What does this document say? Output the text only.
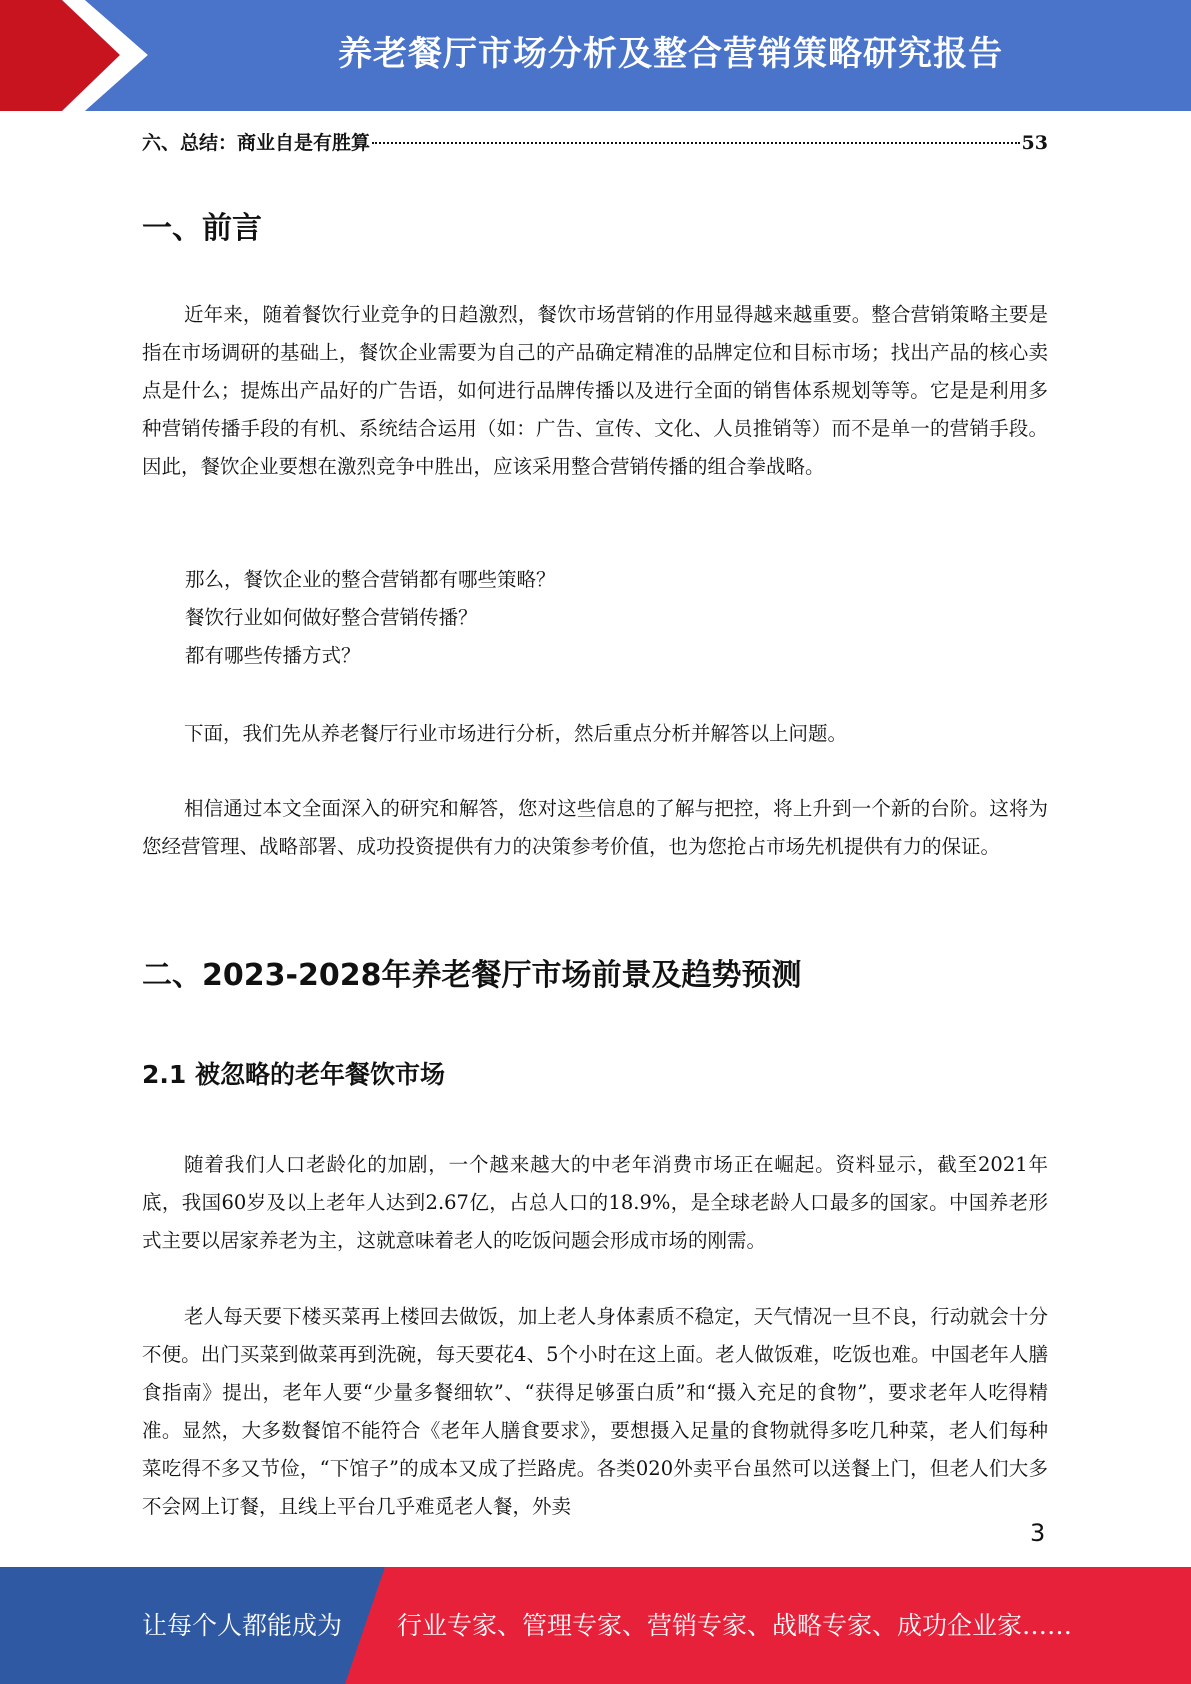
养老餐厅市场分析及整合营销策略研究报告
六、总结：商业自是有胜算	53
一、前言

近年来，随着餐饮行业竞争的日趋激烈，餐饮市场营销的作用显得越来越重要。整合营销策略主要是指在市场调研的基础上，餐饮企业需要为自己的产品确定精准的品牌定位和目标市场；找出产品的核心卖点是什么；提炼出产品好的广告语，如何进行品牌传播以及进行全面的销售体系规划等等。它是是利用多种营销传播手段的有机、系统结合运用（如：广告、宣传、文化、人员推销等）而不是单一的营销手段。因此，餐饮企业要想在激烈竞争中胜出，应该采用整合营销传播的组合拳战略。

那么，餐饮企业的整合营销都有哪些策略？
餐饮行业如何做好整合营销传播？
都有哪些传播方式？

下面，我们先从养老餐厅行业市场进行分析，然后重点分析并解答以上问题。

相信通过本文全面深入的研究和解答，您对这些信息的了解与把控，将上升到一个新的台阶。这将为您经营管理、战略部署、成功投资提供有力的决策参考价值，也为您抢占市场先机提供有力的保证。

二、2023-2028年养老餐厅市场前景及趋势预测
2.1 被忽略的老年餐饮市场

随着我们人口老龄化的加剧，一个越来越大的中老年消费市场正在崛起。资料显示，截至2021年底，我国60岁及以上老年人达到2.67亿，占总人口的18.9%，是全球老龄人口最多的国家。中国养老形式主要以居家养老为主，这就意味着老人的吃饭问题会形成市场的刚需。

老人每天要下楼买菜再上楼回去做饭，加上老人身体素质不稳定，天气情况一旦不良，行动就会十分不便。出门买菜到做菜再到洗碗，每天要花4、5个小时在这上面。老人做饭难，吃饭也难。中国老年人膳食指南》提出，老年人要“少量多餐细软”、“获得足够蛋白质”和“摄入充足的食物”，要求老年人吃得精准。显然，大多数餐馆不能符合《老年人膳食要求》，要想摄入足量的食物就得多吃几种菜，老人们每种菜吃得不多又节俭，“下馆子”的成本又成了拦路虎。各类020外卖平台虽然可以送餐上门，但老人们大多不会网上订餐，且线上平台几乎难觅老人餐，外卖

3
让每个人都能成为 行业专家、管理专家、营销专家、战略专家、成功企业家……
